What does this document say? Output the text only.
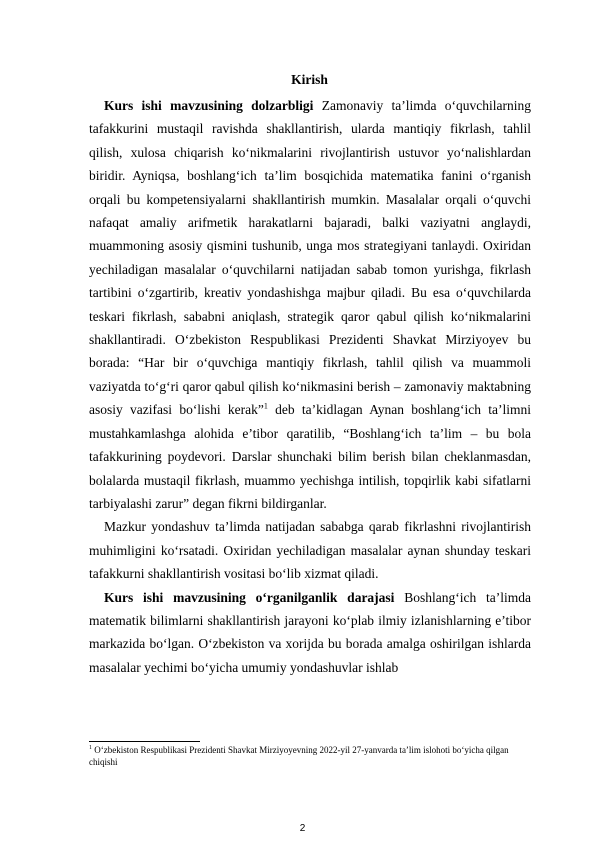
Kirish

Kurs ishi mavzusining dolzarbligi Zamonaviy ta’limda o‘quvchilarning tafakkurini mustaqil ravishda shakllantirish, ularda mantiqiy fikrlash, tahlil qilish, xulosa chiqarish ko‘nikmalarini rivojlantirish ustuvor yo‘nalishlardan biridir. Ayniqsa, boshlang‘ich ta’lim bosqichida matematika fanini o‘rganish orqali bu kompetensiyalarni shakllantirish mumkin. Masalalar orqali o‘quvchi nafaqat amaliy arifmetik harakatlarni bajaradi, balki vaziyatni anglaydi, muammoning asosiy qismini tushunib, unga mos strategiyani tanlaydi. Oxiridan yechiladigan masalalar o‘quvchilarni natijadan sabab tomon yurishga, fikrlash tartibini o‘zgartirib, kreativ yondashishga majbur qiladi. Bu esa o‘quvchilarda teskari fikrlash, sababni aniqlash, strategik qaror qabul qilish ko‘nikmalarini shakllantiradi. O‘zbekiston Respublikasi Prezidenti Shavkat Mirziyoyev bu borada: “Har bir o‘quvchiga mantiqiy fikrlash, tahlil qilish va muammoli vaziyatda to‘g‘ri qaror qabul qilish ko‘nikmasini berish – zamonaviy maktabning asosiy vazifasi bo‘lishi kerak”$^1$ deb ta’kidlagan Aynan boshlang‘ich ta’limni mustahkamlashga alohida e’tibor qaratilib, “Boshlang‘ich ta’lim – bu bola tafakkurining poydevori. Darslar shunchaki bilim berish bilan cheklanmasdan, bolalarda mustaqil fikrlash, muammo yechishga intilish, topqirlik kabi sifatlarni tarbiyalashi zarur” degan fikrni bildirganlar.

Mazkur yondashuv ta’limda natijadan sababga qarab fikrlashni rivojlantirish muhimligini ko‘rsatadi. Oxiridan yechiladigan masalalar aynan shunday teskari tafakkurni shakllantirish vositasi bo‘lib xizmat qiladi.

Kurs ishi mavzusining o‘rganilganlik darajasi Boshlang‘ich ta’limda matematik bilimlarni shakllantirish jarayoni ko‘plab ilmiy izlanishlarning e’tibor markazida bo‘lgan. O‘zbekiston va xorijda bu borada amalga oshirilgan ishlarda masalalar yechimi bo‘yicha umumiy yondashuvlar ishlab

$^1$ O‘zbekiston Respublikasi Prezidenti Shavkat Mirziyoyevning 2022-yil 27-yanvarda ta’lim islohoti bo‘yicha qilgan chiqishi
2
